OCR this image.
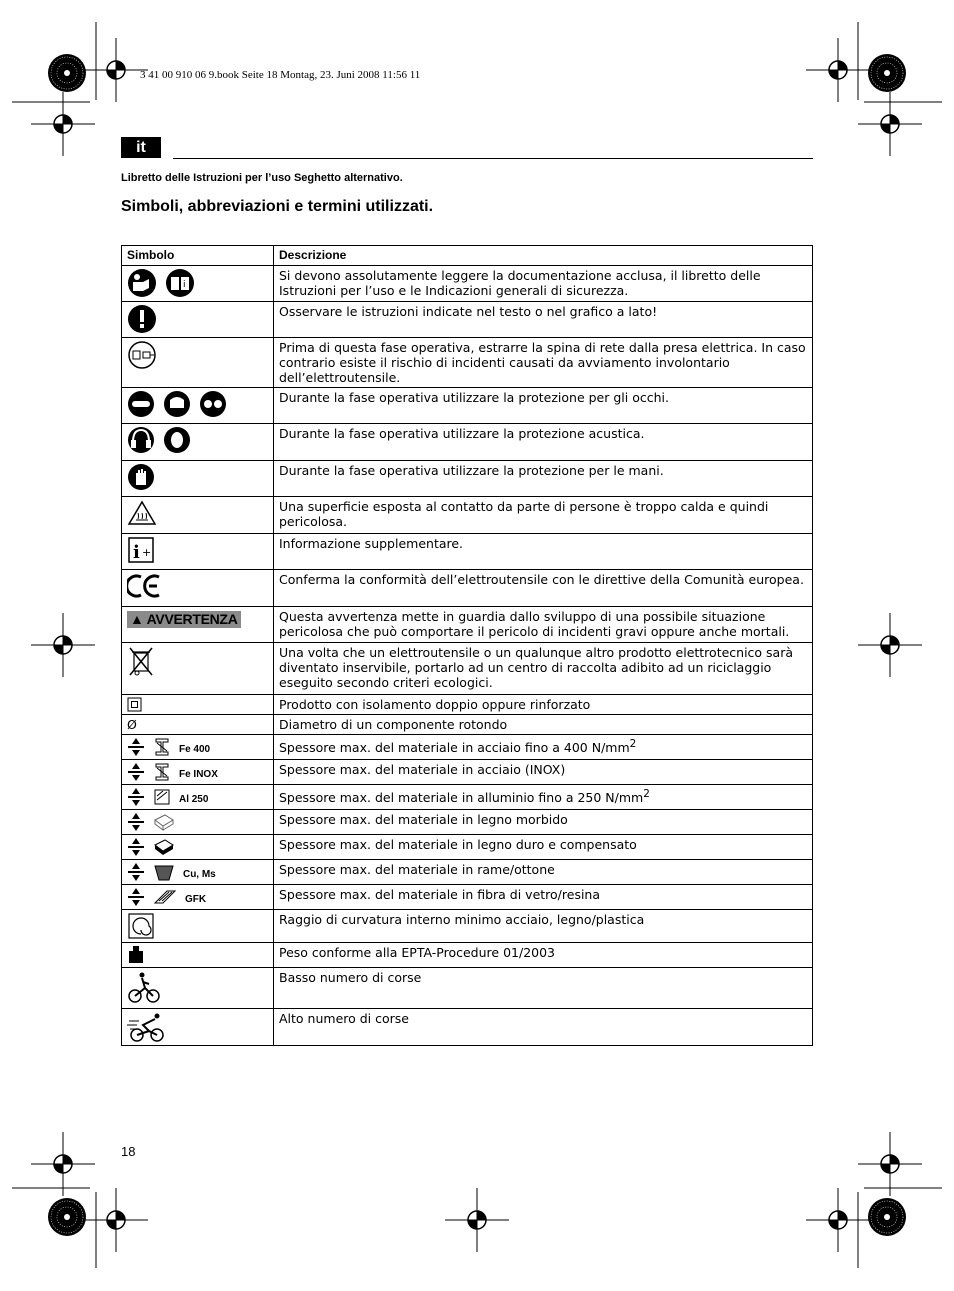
3 41 00 910 06 9.book Seite 18 Montag, 23. Juni 2008 11:56 11
it
Libretto delle Istruzioni per l’uso Seghetto alternativo.
Simboli, abbreviazioni e termini utilizzati.
Simbolo	Descrizione

i	Si devono assolutamente leggere la documentazione acclusa, il libretto delle Istruzioni per l’uso e le Indicazioni generali di sicurezza.
	Osservare le istruzioni indicate nel testo o nel grafico a lato!
	Prima di questa fase operativa, estrarre la spina di rete dalla presa elettrica. In caso contrario esiste il rischio di incidenti causati da avviamento involontario dell’elettroutensile.
	Durante la fase operativa utilizzare la protezione per gli occhi.
	Durante la fase operativa utilizzare la protezione acustica.
	Durante la fase operativa utilizzare la protezione per le mani.
	Una superficie esposta al contatto da parte di persone è troppo calda e quindi pericolosa.

i +	Informazione supplementare.
	Conferma la conformità dell’elettroutensile con le direttive della Comunità europea.
▲ AVVERTENZA	Questa avvertenza mette in guardia dallo sviluppo di una possibile situazione pericolosa che può comportare il pericolo di incidenti gravi oppure anche mortali.
	Una volta che un elettroutensile o un qualunque altro prodotto elettrotecnico sarà diventato inservibile, portarlo ad un centro di raccolta adibito ad un riciclaggio eseguito secondo criteri ecologici.
	Prodotto con isolamento doppio oppure rinforzato
Ø	Diametro di un componente rotondo
$^{Fe 400}$	Spessore max. del materiale in acciaio fino a 400 $N/mm^2$
$^{Fe INOX}$	Spessore max. del materiale in acciaio (INOX)
$^{Al 250}$	Spessore max. del materiale in alluminio fino a 250 $N/mm^2$
	Spessore max. del materiale in legno morbido
	Spessore max. del materiale in legno duro e compensato
$^{Cu, Ms}$	Spessore max. del materiale in rame/ottone
$^{GFK}$	Spessore max. del materiale in fibra di vetro/resina
	Raggio di curvatura interno minimo acciaio, legno/plastica
	Peso conforme alla EPTA-Procedure 01/2003
	Basso numero di corse
	Alto numero di corse
18
